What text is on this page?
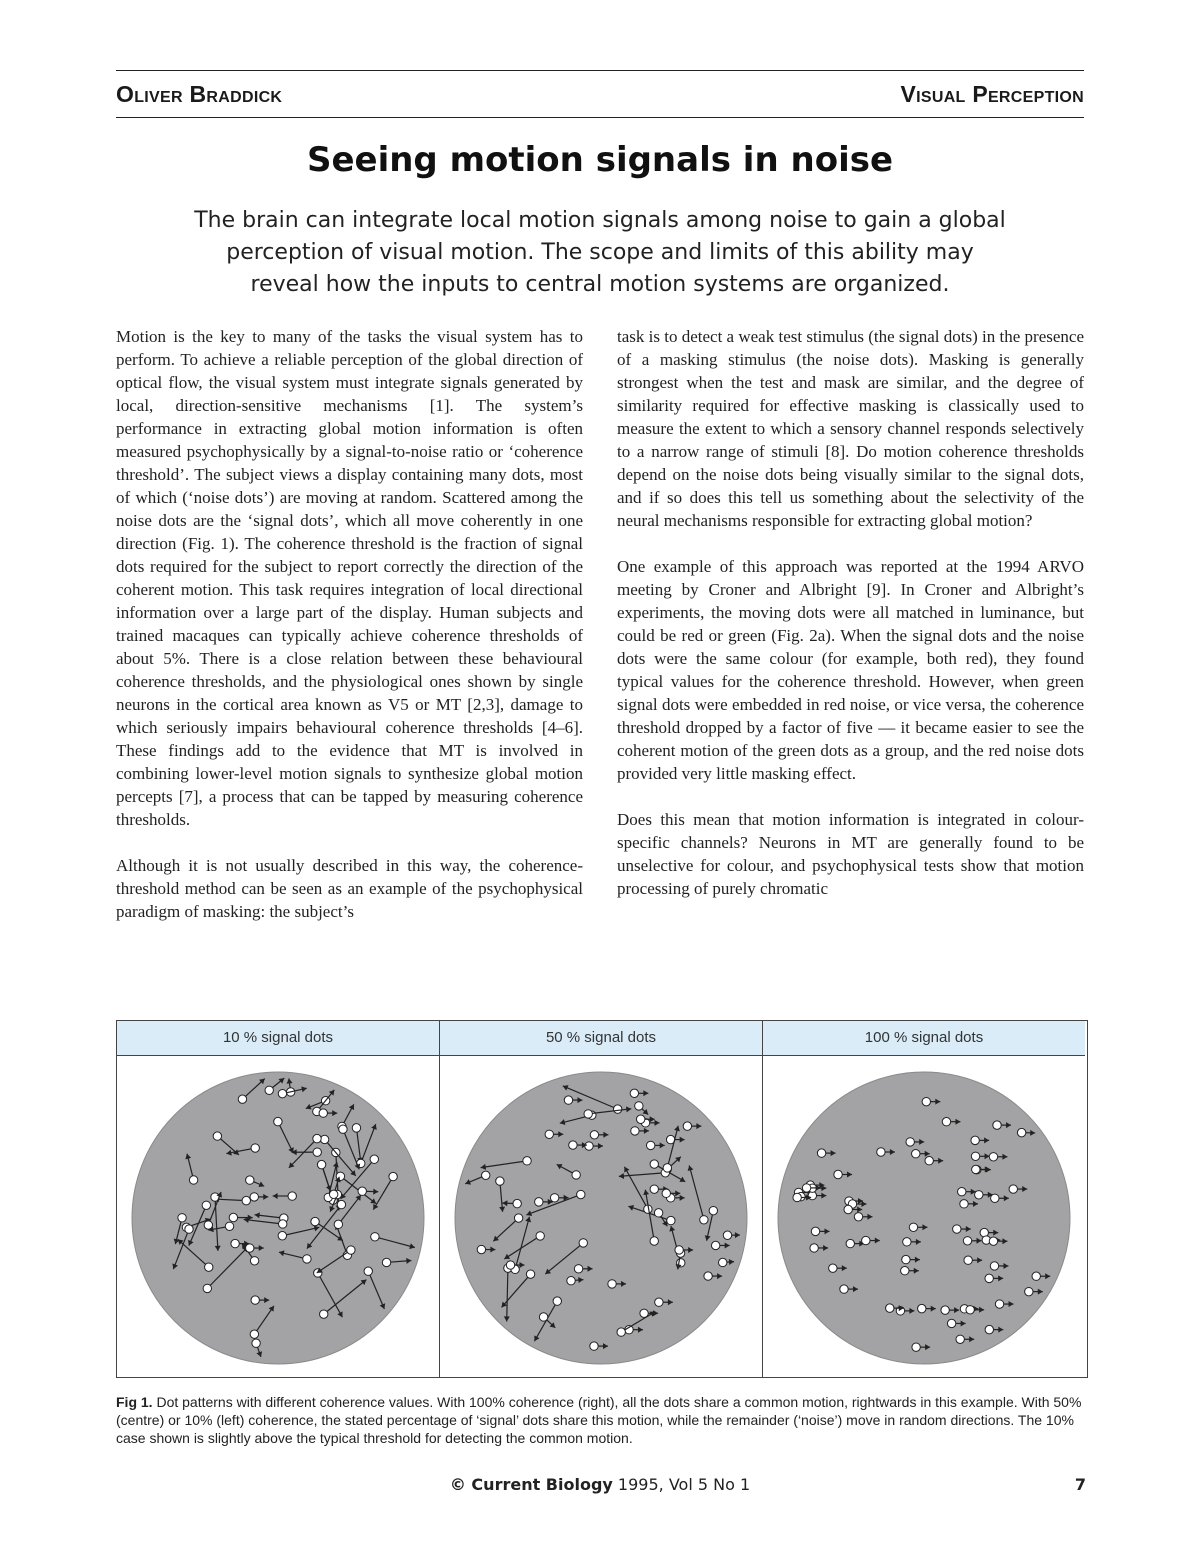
Oliver Braddick	Visual Perception
Seeing motion signals in noise
The brain can integrate local motion signals among noise to gain a global perception of visual motion. The scope and limits of this ability may reveal how the inputs to central motion systems are organized.

Motion is the key to many of the tasks the visual system has to perform. To achieve a reliable perception of the global direction of optical flow, the visual system must integrate signals generated by local, direction-sensitive mechanisms [1]. The system’s performance in extracting global motion information is often measured psychophysically by a signal-to-noise ratio or ‘coherence threshold’. The subject views a display containing many dots, most of which (‘noise dots’) are moving at random. Scattered among the noise dots are the ‘signal dots’, which all move coherently in one direction (Fig. 1). The coherence threshold is the fraction of signal dots required for the subject to report correctly the direction of the coherent motion. This task requires integration of local directional information over a large part of the display. Human subjects and trained macaques can typically achieve coherence thresholds of about 5%. There is a close relation between these behavioural coherence thresholds, and the physiological ones shown by single neurons in the cortical area known as V5 or MT [2,3], damage to which seriously impairs behavioural coherence thresholds [4–6]. These findings add to the evidence that MT is involved in combining lower-level motion signals to synthesize global motion percepts [7], a process that can be tapped by measuring coherence thresholds.

Although it is not usually described in this way, the coherence-threshold method can be seen as an example of the psychophysical paradigm of masking: the subject’s

task is to detect a weak test stimulus (the signal dots) in the presence of a masking stimulus (the noise dots). Masking is generally strongest when the test and mask are similar, and the degree of similarity required for effective masking is classically used to measure the extent to which a sensory channel responds selectively to a narrow range of stimuli [8]. Do motion coherence thresholds depend on the noise dots being visually similar to the signal dots, and if so does this tell us something about the selectivity of the neural mechanisms responsible for extracting global motion?

One example of this approach was reported at the 1994 ARVO meeting by Croner and Albright [9]. In Croner and Albright’s experiments, the moving dots were all matched in luminance, but could be red or green (Fig. 2a). When the signal dots and the noise dots were the same colour (for example, both red), they found typical values for the coherence threshold. However, when green signal dots were embedded in red noise, or vice versa, the coherence threshold dropped by a factor of five — it became easier to see the coherent motion of the green dots as a group, and the red noise dots provided very little masking effect.

Does this mean that motion information is integrated in colour-specific channels? Neurons in MT are generally found to be unselective for colour, and psychophysical tests show that motion processing of purely chromatic

10 % signal dots	50 % signal dots	100 % signal dots
Fig 1. Dot patterns with different coherence values. With 100% coherence (right), all the dots share a common motion, rightwards in this example. With 50% (centre) or 10% (left) coherence, the stated percentage of ‘signal’ dots share this motion, while the remainder (‘noise’) move in random directions. The 10% case shown is slightly above the typical threshold for detecting the common motion.
© Current Biology 1995, Vol 5 No 1	7
